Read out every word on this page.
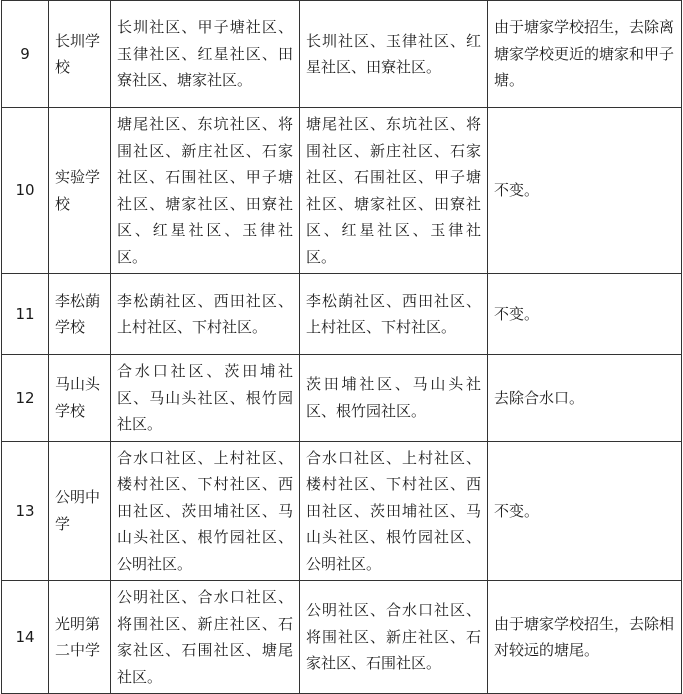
9	长圳学校	长圳社区、甲子塘社区、玉律社区、红星社区、田寮社区、塘家社区。	长圳社区、玉律社区、红星社区、田寮社区。	由于塘家学校招生，去除离塘家学校更近的塘家和甲子塘。
10	实验学校	塘尾社区、东坑社区、将围社区、新庄社区、石家社区、石围社区、甲子塘社区、塘家社区、田寮社区、红星社区、玉律社区。	塘尾社区、东坑社区、将围社区、新庄社区、石家社区、石围社区、甲子塘社区、塘家社区、田寮社区、红星社区、玉律社区。	不变。
11	李松蓢学校	李松蓢社区、西田社区、上村社区、下村社区。	李松蓢社区、西田社区、上村社区、下村社区。	不变。
12	马山头学校	合水口社区、茨田埔社区、马山头社区、根竹园社区。	茨田埔社区、马山头社区、根竹园社区。	去除合水口。
13	公明中学	合水口社区、上村社区、楼村社区、下村社区、西田社区、茨田埔社区、马山头社区、根竹园社区、公明社区。	合水口社区、上村社区、楼村社区、下村社区、西田社区、茨田埔社区、马山头社区、根竹园社区、公明社区。	不变。
14	光明第二中学	公明社区、合水口社区、将围社区、新庄社区、石家社区、石围社区、塘尾社区。	公明社区、合水口社区、将围社区、新庄社区、石家社区、石围社区。	由于塘家学校招生，去除相对较远的塘尾。
